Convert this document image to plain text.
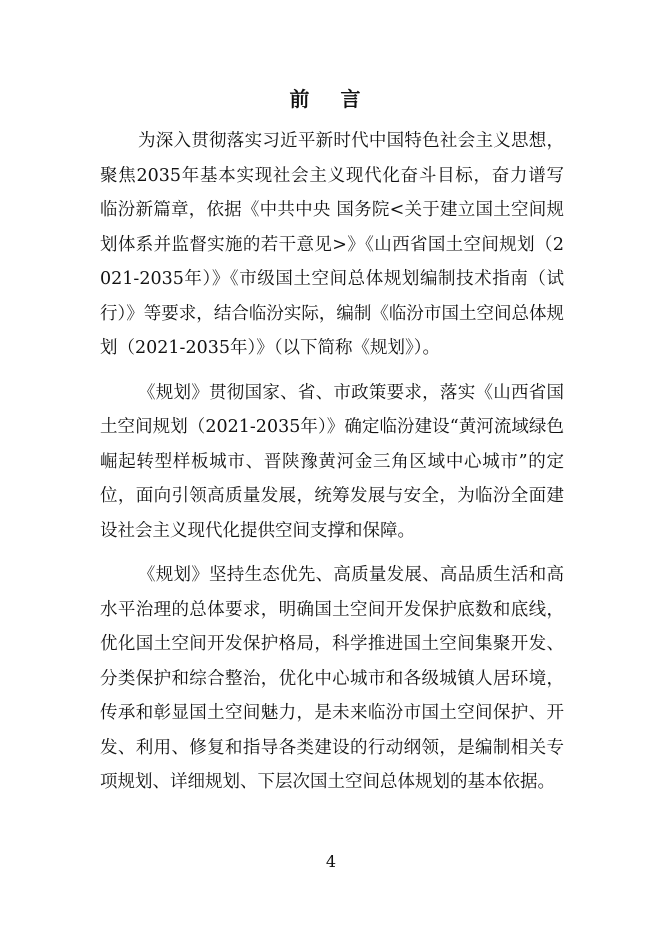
前 言

为深入贯彻落实习近平新时代中国特色社会主义思想，聚焦2035年基本实现社会主义现代化奋斗目标，奋力谱写临汾新篇章，依据《中共中央 国务院<关于建立国土空间规划体系并监督实施的若干意见>》《山西省国土空间规划（2021-2035年）》《市级国土空间总体规划编制技术指南（试行）》等要求，结合临汾实际，编制《临汾市国土空间总体规划（2021-2035年）》（以下简称《规划》）。

《规划》贯彻国家、省、市政策要求，落实《山西省国土空间规划（2021-2035年）》确定临汾建设“黄河流域绿色崛起转型样板城市、晋陕豫黄河金三角区域中心城市”的定位，面向引领高质量发展，统筹发展与安全，为临汾全面建设社会主义现代化提供空间支撑和保障。

《规划》坚持生态优先、高质量发展、高品质生活和高水平治理的总体要求，明确国土空间开发保护底数和底线，优化国土空间开发保护格局，科学推进国土空间集聚开发、分类保护和综合整治，优化中心城市和各级城镇人居环境，传承和彰显国土空间魅力，是未来临汾市国土空间保护、开发、利用、修复和指导各类建设的行动纲领，是编制相关专项规划、详细规划、下层次国土空间总体规划的基本依据。

4
